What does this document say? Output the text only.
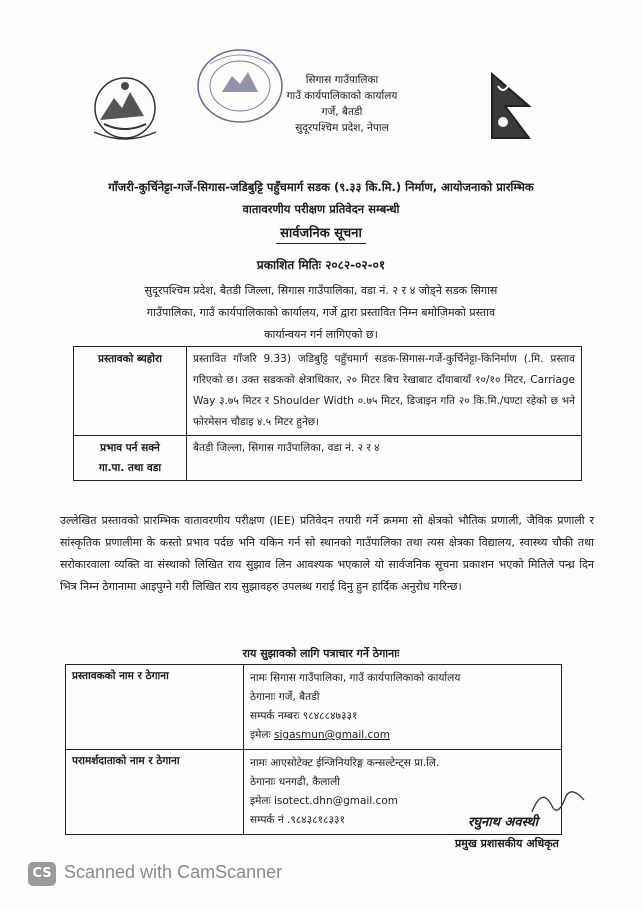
सिगास गाउँपालिका
गाउँ कार्यपालिकाको कार्यालय
गर्जे, बैतडी
सुदूरपश्चिम प्रदेश, नेपाल
गाँजरी-कुर्चिनेट्टा-गर्जे-सिगास-जडिबुट्टि पहुँचमार्ग सडक (९.३३ कि.मि.) निर्माण, आयोजनाको प्रारम्भिक
वातावरणीय परीक्षण प्रतिवेदन सम्बन्धी
सार्वजनिक सूचना
प्रकाशित मितिः २०८२-०२-०१
सुदूरपश्चिम प्रदेश, बैतडी जिल्ला, सिगास गाउँपालिका, वडा नं. २ र ४ जोड्ने सडक सिगास
गाउँपालिका, गाउँ कार्यपालिकाको कार्यालय, गर्जे द्वारा प्रस्तावित निम्न बमोजिमको प्रस्ताव
कार्यान्वयन गर्न लागिएको छ।
प्रस्तावको ब्यहोरा	प्रस्तावित गाँजरि 9.33) जडिबुट्टि पहुँचमार्ग सडक-सिगास-गर्जे-कुर्चिनेट्टा-किनिर्माण (.मि. प्रस्ताव गरिएको छ। उक्त सडकको क्षेत्राधिकार, २० मिटर बिच रेखाबाट दाँयाबायाँ १०/१० मिटर, Carriage Way ३.७५ मिटर र Shoulder Width ०.७५ मिटर, डिजाइन गति २० कि.मि./घण्टा रहेको छ भने फोरमेसन चौडाइ ४.५ मिटर हुनेछ।

प्रभाव पर्न सक्ने
गा.पा. तथा वडा	बैतडी जिल्ला, सिगास गाउँपालिका, वडा नं. २ र ४
उल्लेखित प्रस्तावको प्रारम्भिक वातावरणीय परीक्षण (IEE) प्रतिवेदन तयारी गर्ने क्रममा सो क्षेत्रको भौतिक प्रणाली, जैविक प्रणाली र सांस्कृतिक प्रणालीमा के कस्तो प्रभाव पर्दछ भनि यकिन गर्न सो स्थानको गाउँपालिका तथा त्यस क्षेत्रका विद्यालय, स्वास्थ्य चौकी तथा सरोकारवाला व्यक्ति वा संस्थाको लिखित राय सुझाव लिन आवश्यक भएकाले यो सार्वजनिक सूचना प्रकाशन भएको मितिले पन्ध्र दिन भित्र निम्न ठेगानामा आइपुग्ने गरी लिखित राय सुझावहरु उपलब्ध गराई दिनु हुन हार्दिक अनुरोध गरिन्छ।
राय सुझावको लागि पत्राचार गर्ने ठेगानाः
प्रस्तावकको नाम र ठेगाना	नामः सिगास गाउँपालिका, गाउँ कार्यपालिकाको कार्यालय
ठेगानाः गर्जे, बैतडी
सम्पर्क नम्बरः ९८४८८४७३३१
इमेलः sigasmun@gmail.com

परामर्शदाताको नाम र ठेगाना	नामः आएसोटेक्ट ईन्जिनियरिङ्ग कन्सल्टेन्ट्स प्रा.लि.
ठेगानाः धनगढी, कैलाली
इमेलः isotect.dhn@gmail.com
सम्पर्क नं .९८४३८१८३३१	रघुनाथ अवस्थी
प्रमुख प्रशासकीय अधिकृत
CS Scanned with CamScanner
